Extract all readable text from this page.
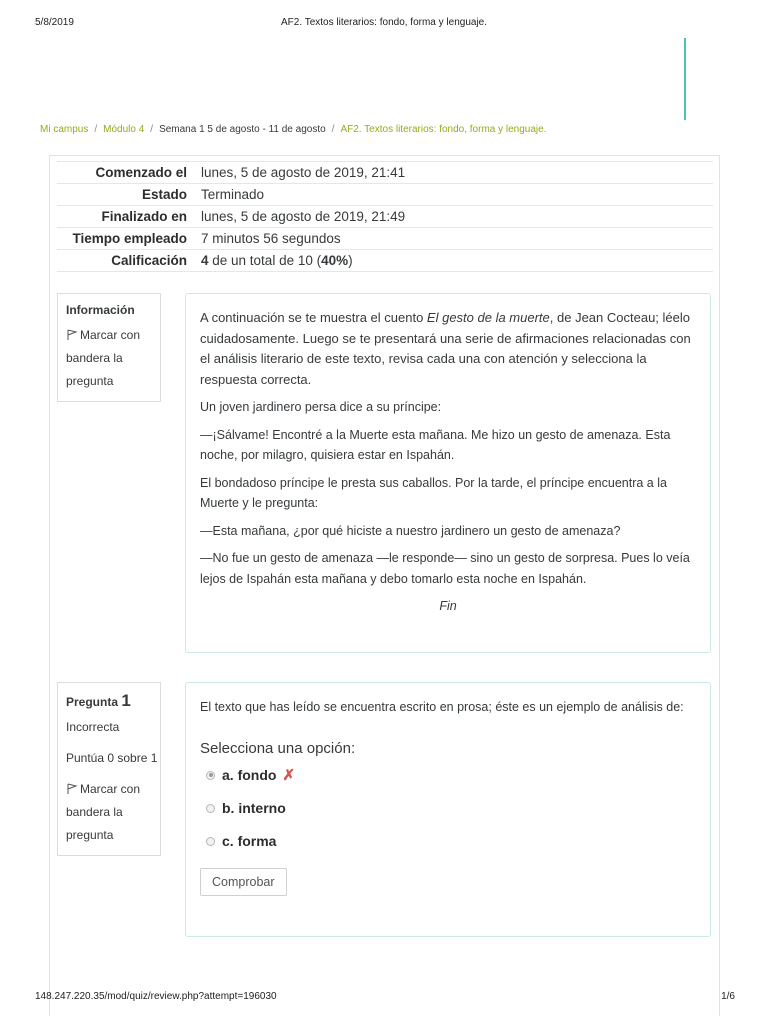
5/8/2019	AF2. Textos literarios: fondo, forma y lenguaje.
Mi campus / Módulo 4 / Semana 1 5 de agosto - 11 de agosto / AF2. Textos literarios: fondo, forma y lenguaje.
Comenzado el	lunes, 5 de agosto de 2019, 21:41
Estado	Terminado
Finalizado en	lunes, 5 de agosto de 2019, 21:49
Tiempo empleado	7 minutos 56 segundos
Calificación	4 de un total de 10 (40%)

Información

Marcar con bandera la pregunta

A continuación se te muestra el cuento El gesto de la muerte, de Jean Cocteau; léelo cuidadosamente. Luego se te presentará una serie de afirmaciones relacionadas con el análisis literario de este texto, revisa cada una con atención y selecciona la respuesta correcta.

Un joven jardinero persa dice a su príncipe:

—¡Sálvame! Encontré a la Muerte esta mañana. Me hizo un gesto de amenaza. Esta noche, por milagro, quisiera estar en Ispahán.

El bondadoso príncipe le presta sus caballos. Por la tarde, el príncipe encuentra a la Muerte y le pregunta:

—Esta mañana, ¿por qué hiciste a nuestro jardinero un gesto de amenaza?

—No fue un gesto de amenaza —le responde— sino un gesto de sorpresa. Pues lo veía lejos de Ispahán esta mañana y debo tomarlo esta noche en Ispahán.

Fin

Pregunta 1

Incorrecta

Puntúa 0 sobre 1

Marcar con bandera la pregunta

El texto que has leído se encuentra escrito en prosa; éste es un ejemplo de análisis de:

Selecciona una opción:
a. fondo ✗
b. interno
c. forma
Comprobar
148.247.220.35/mod/quiz/review.php?attempt=196030	1/6
